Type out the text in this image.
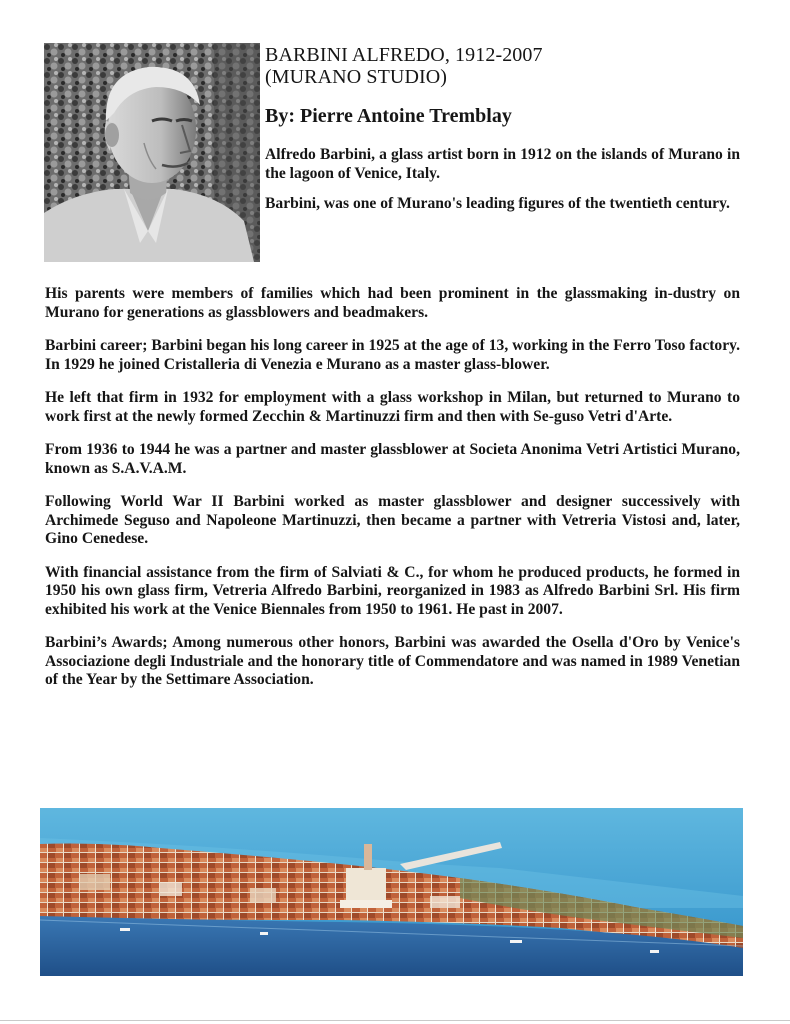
BARBINI ALFREDO, 1912-2007
(MURANO STUDIO)

By: Pierre Antoine Tremblay

Alfredo Barbini, a glass artist born in 1912 on the islands of Murano in the lagoon of Venice, Italy.

Barbini, was one of Murano's leading figures of the twentieth century.

His parents were members of families which had been prominent in the glassmaking in-dustry on Murano for generations as glassblowers and beadmakers.

Barbini career; Barbini began his long career in 1925 at the age of 13, working in the Ferro Toso factory. In 1929 he joined Cristalleria di Venezia e Murano as a master glass-blower.

He left that firm in 1932 for employment with a glass workshop in Milan, but returned to Murano to work first at the newly formed Zecchin & Martinuzzi firm and then with Se-guso Vetri d'Arte.

From 1936 to 1944 he was a partner and master glassblower at Societa Anonima Vetri Artistici Murano, known as S.A.V.A.M.

Following World War II Barbini worked as master glassblower and designer successively with Archimede Seguso and Napoleone Martinuzzi, then became a partner with Vetreria Vistosi and, later, Gino Cenedese.

With financial assistance from the firm of Salviati & C., for whom he produced products, he formed in 1950 his own glass firm, Vetreria Alfredo Barbini, reorganized in 1983 as Alfredo Barbini Srl. His firm exhibited his work at the Venice Biennales from 1950 to 1961. He past in 2007.

Barbini’s Awards; Among numerous other honors, Barbini was awarded the Osella d'Oro by Venice's Associazione degli Industriale and the honorary title of Commendatore and was named in 1989 Venetian of the Year by the Settimare Association.
